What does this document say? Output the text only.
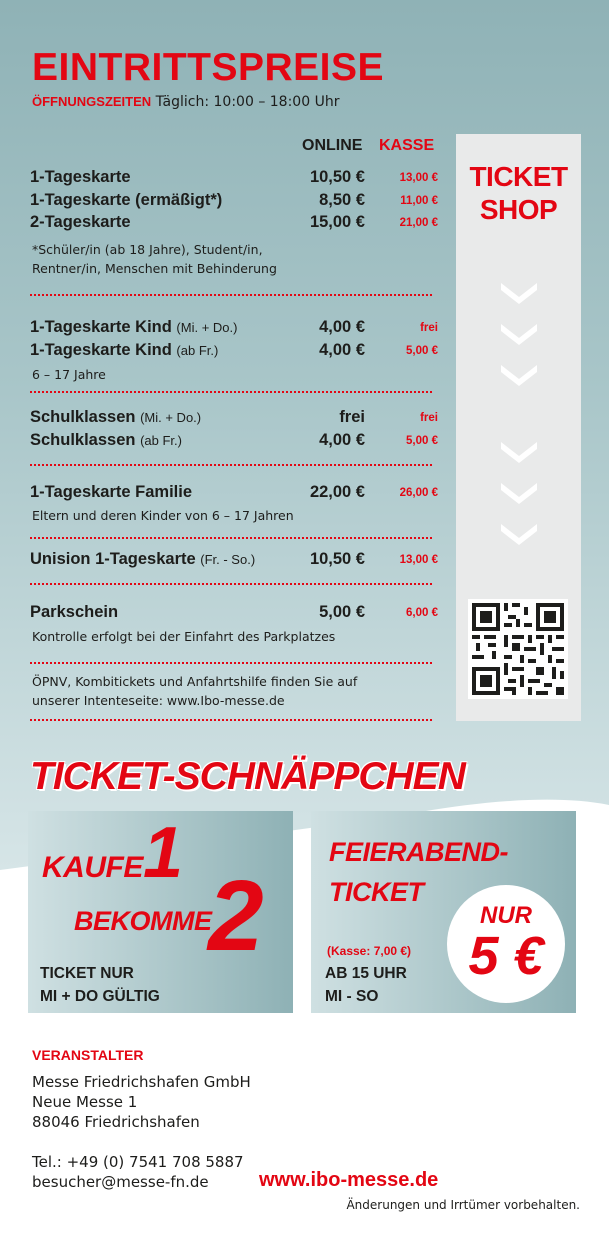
EINTRITTSPREISE
ÖFFNUNGSZEITEN Täglich: 10:00 – 18:00 Uhr
ONLINE KASSE
1-Tageskarte	10,50 €	13,00 €
1-Tageskarte (ermäßigt*)	8,50 €	11,00 €
2-Tageskarte	15,00 €	21,00 €
*Schüler/in (ab 18 Jahre), Student/in,
Rentner/in, Menschen mit Behinderung
1-Tageskarte Kind (Mi. + Do.)	4,00 €	frei
1-Tageskarte Kind (ab Fr.)	4,00 €	5,00 €
6 – 17 Jahre
Schulklassen (Mi. + Do.)	frei	frei
Schulklassen (ab Fr.)	4,00 €	5,00 €
1-Tageskarte Familie	22,00 €	26,00 €
Eltern und deren Kinder von 6 – 17 Jahren
Unision 1-Tageskarte (Fr. - So.)	10,50 €	13,00 €
Parkschein	5,00 €	6,00 €
Kontrolle erfolgt bei der Einfahrt des Parkplatzes
ÖPNV, Kombitickets und Anfahrtshilfe finden Sie auf
unserer Intenteseite: www.Ibo-messe.de
TICKET
SHOP
TICKET-SCHNÄPPCHEN
KAUFE 1
BEKOMME
2
TICKET NUR
MI + DO GÜLTIG
FEIERABEND-
TICKET
(Kasse: 7,00 €)
AB 15 UHR
MI - SO
NUR
5 €
VERANSTALTER
Messe Friedrichshafen GmbH
Neue Messe 1
88046 Friedrichshafen
Tel.: +49 (0) 7541 708 5887
besucher@messe-fn.de	www.ibo-messe.de
Änderungen und Irrtümer vorbehalten.
